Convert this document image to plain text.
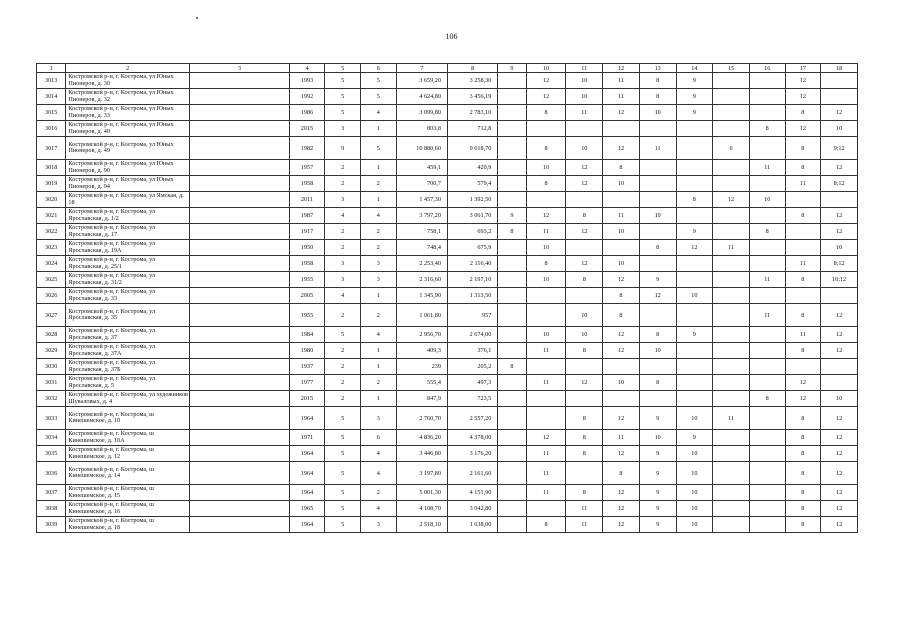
106
1	2	3	4	5	6	7	8	9	10	11	12	13	14	15	16	17	18
3013	Костромской р-н, г. Кострома, ул Юных Пионеров, д. 30		1993	5	5	3 659,20	3 258,30		12	10	11	8	9			12	
3014	Костромской р-н, г. Кострома, ул Юных Пионеров, д. 32		1992	5	5	4 624,80	3 456,19		12	10	11	8	9			12	
3015	Костромской р-н, г. Кострома, ул Юных Пионеров, д. 33		1986	5	4	3 099,80	2 783,10		8	11	12	10	9			8	12
3016	Костромской р-н, г. Кострома, ул Юных Пионеров, д. 40		2015	3	1	803,8	712,8								8	12	10
3017	Костромской р-н, г. Кострома, ул Юных Пионеров, д. 49		1982	9	5	10 880,60	9 618,70		8	10	12	11		6		8	9;12
3018	Костромской р-н, г. Кострома, ул Юных Пионеров, д. 90		1957	2	1	459,1	420,9		10	12	8				11	8	12
3019	Костромской р-н, г. Кострома, ул Юных Пионеров, д. 94		1958	2	2	700,7	579,4		8	12	10					11	8;12
3020	Костромской р-н, г. Кострома, ул Ямская, д. 18		2011	3	1	1 457,30	1 392,50						8	12	10		
3021	Костромской р-н, г. Кострома, ул Ярославская, д. 1/2		1987	4	4	3 797,20	3 061,70	9	12	8	11	10				8	12
3022	Костромской р-н, г. Кострома, ул Ярославская, д. 17		1917	2	2	758,1	693,2	8	11	12	10		9		8		12
3023	Костромской р-н, г. Кострома, ул Ярославская, д. 19А		1950	2	2	748,4	675,9		10			8	12	11			10
3024	Костромской р-н, г. Кострома, ул Ярославская, д. 25/1		1958	3	3	2 253,40	2 116,40		8	12	10					11	8;12
3025	Костромской р-н, г. Кострома, ул Ярославская, д. 31/2		1955	3	3	2 316,60	2 197,10		10	8	12	9			11	8	10;12
3026	Костромской р-н, г. Кострома, ул Ярославская, д. 33		2005	4	1	1 345,90	1 313,50				8	12	10				
3027	Костромской р-н, г. Кострома, ул Ярославская, д. 35		1955	2	2	1 061,80	957			10	8				11	8	12
3028	Костромской р-н, г. Кострома, ул Ярославская, д. 37		1984	5	4	2 956,70	2 674,00		10	10	12	8	9			11	12
3029	Костромской р-н, г. Кострома, ул Ярославская, д. 37А		1980	2	1	409,3	376,1		11	8	12	10				8	12
3030	Костромской р-н, г. Кострома, ул Ярославская, д. 37Б		1937	2	1	239	205,2	8									
3031	Костромской р-н, г. Кострома, ул Ярославская, д. 5		1977	2	2	555,4	497,3		11	12	10	8				12	
3032	Костромской р-н, г. Кострома, ул художников Шуваловых, д. 4		2015	2	1	847,9	723,5								8	12	10
3033	Костромской р-н, г. Кострома, ш Кинешемское, д. 10		1964	5	3	2 760,70	2 557,20			8	12	9	10	11		8	12
3034	Костромской р-н, г. Кострома, ш Кинешемское, д. 10А		1971	5	6	4 836,20	4 378,00		12	8	11	10	9			8	12
3035	Костромской р-н, г. Кострома, ш Кинешемское, д. 12		1964	5	4	3 446,80	3 176,20		11	8	12	9	10			8	12
3036	Костромской р-н, г. Кострома, ш Кинешемское, д. 14		1964	5	4	3 197,80	2 161,60		11		8	9	10			8	12
3037	Костромской р-н, г. Кострома, ш Кинешемское, д. 15		1964	5	2	5 001,30	4 151,90		11	8	12	9	10			8	12
3038	Костромской р-н, г. Кострома, ш Кинешемское, д. 16		1965	5	4	4 108,70	3 042,80			11	12	9	10			8	12
3039	Костромской р-н, г. Кострома, ш Кинешемское, д. 18		1964	5	3	2 518,10	1 638,00		8	11	12	9	10			8	12
